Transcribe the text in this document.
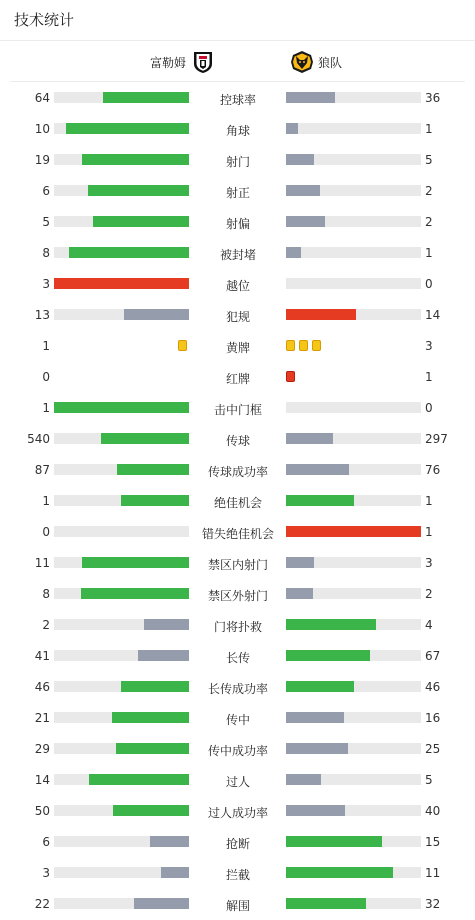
技术统计
富勒姆	狼队
64	控球率	36
10	角球	1
19	射门	5
6	射正	2
5	射偏	2
8	被封堵	1
3	越位	0
13	犯规	14
1	黄牌	3
0	红牌	1
1	击中门框	0
540	传球	297
87	传球成功率	76
1	绝佳机会	1
0	错失绝佳机会	1
11	禁区内射门	3
8	禁区外射门	2
2	门将扑救	4
41	长传	67
46	长传成功率	46
21	传中	16
29	传中成功率	25
14	过人	5
50	过人成功率	40
6	抢断	15
3	拦截	11
22	解围	32
